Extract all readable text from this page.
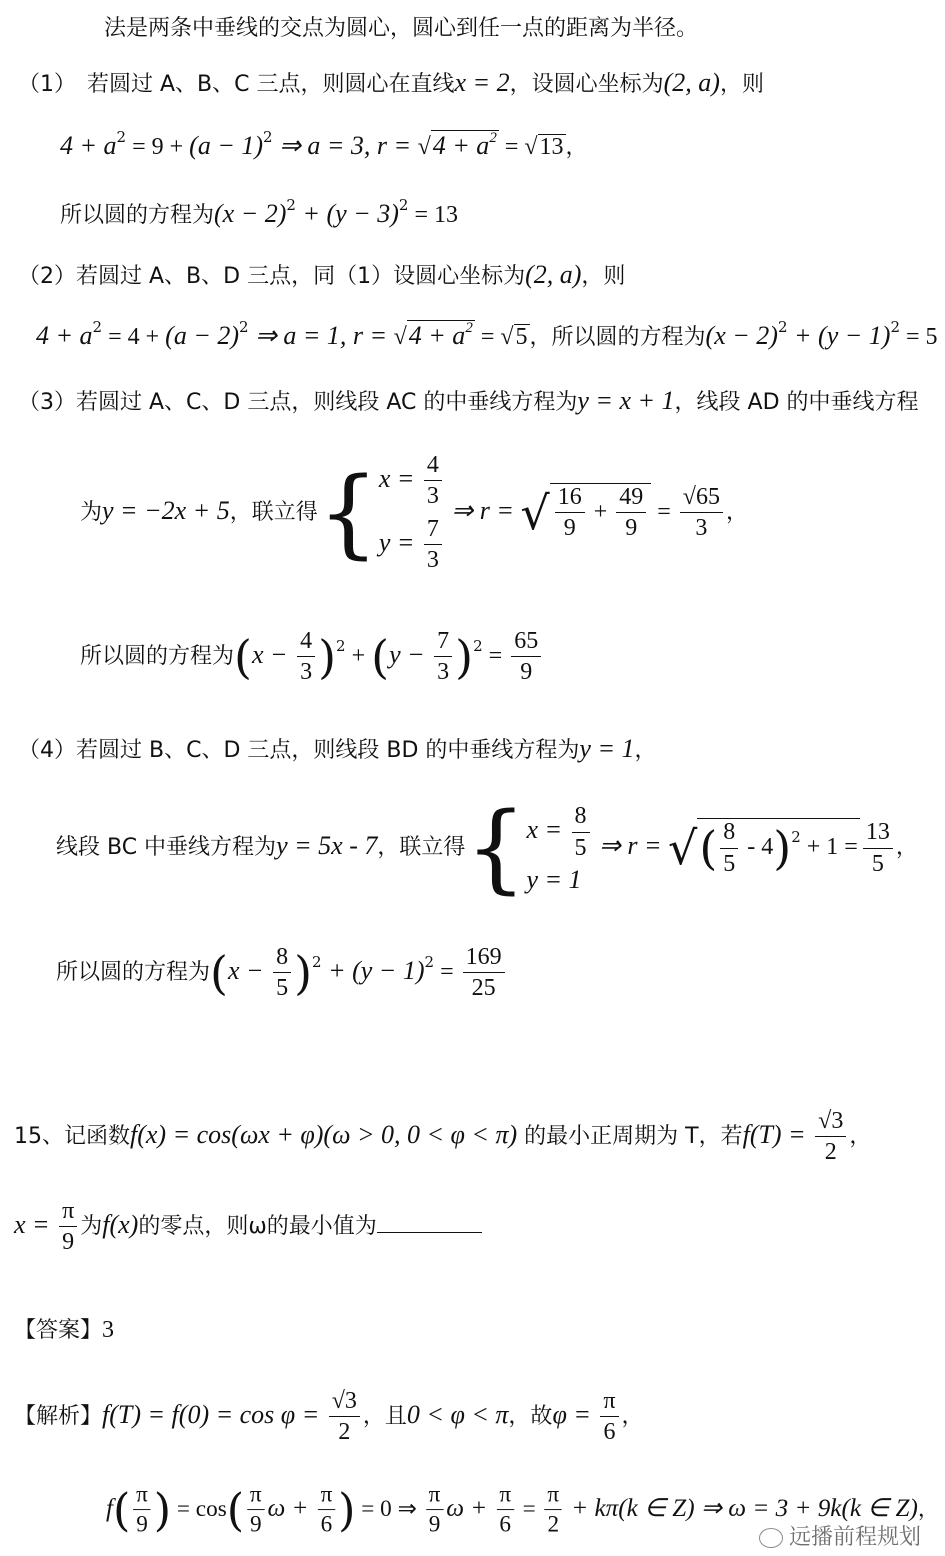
法是两条中垂线的交点为圆心，圆心到任一点的距离为半径。
（1）　若圆过 A、B、C 三点，则圆心在直线x = 2，设圆心坐标为(2, a)，则
$4 + a^2 = 9 + (a - 1)^2$ ⇒ a = 3, $r = √4 + a^2 = √13$，
所以圆的方程为$(x - 2)^2 + (y - 3)^2 = 13$
（2）若圆过 A、B、D 三点，同（1）设圆心坐标为(2, a)，则
$4 + a^2 = 4 + (a - 2)^2$ ⇒ a = 1, $r = √4 + a^2 = √5$，所以圆的方程为$(x - 2)^2 + (y - 1)^2 = 5$
（3）若圆过 A、C、D 三点，则线段 AC 的中垂线方程为y = x + 1，线段 AD 的中垂线方程
为y = −2x + 5，联立得{ $x = \frac{4}{3}$
$y = \frac{7}{3}$
⇒ r = √ $\frac{16}{9} + \frac{49}{9} = \frac{√65}{3}$ ，
所以圆的方程为$(x - \frac{4}{3} )^2 + (y - \frac{7}{3} )^2 = \frac{65}{9}$
（4）若圆过 B、C、D 三点，则线段 BD 的中垂线方程为y = 1，
线段 BC 中垂线方程为y = 5x - 7，联立得{ $x = \frac{8}{5}$
y = 1
⇒ r = √( $\frac{8}{5} - 4)^2 + 1 = \frac{13}{5}$ ，
所以圆的方程为$(x - \frac{8}{5} )^2 + (y - 1)^2 = \frac{169}{25}$
15、记函数f(x) = cos(ωx + φ)(ω > 0, 0 < φ < π) 的最小正周期为 T，若$f(T) = \frac{√3}{2}$ ，
$x = \frac{\pi}{9}$ 为f(x)的零点，则ω的最小值为
【答案】3
【解析】$f(T) = f(0) = \cos \varphi = \frac{√3}{2}$ ，且0 < φ < π，故$\varphi = \frac{\pi}{6}$ ，
$f( \frac{\pi}{9}$ ) = $\cos( \frac{\pi}{9}$ $\omega + \frac{\pi}{6}$ ) = 0 ⇒ $\frac{\pi}{9}$ $\omega + \frac{\pi}{6} = \frac{\pi}{2} + k\pi(k$ ∈ Z) ⇒ ω = 3 + 9k(k ∈ Z)，
远播前程规划
